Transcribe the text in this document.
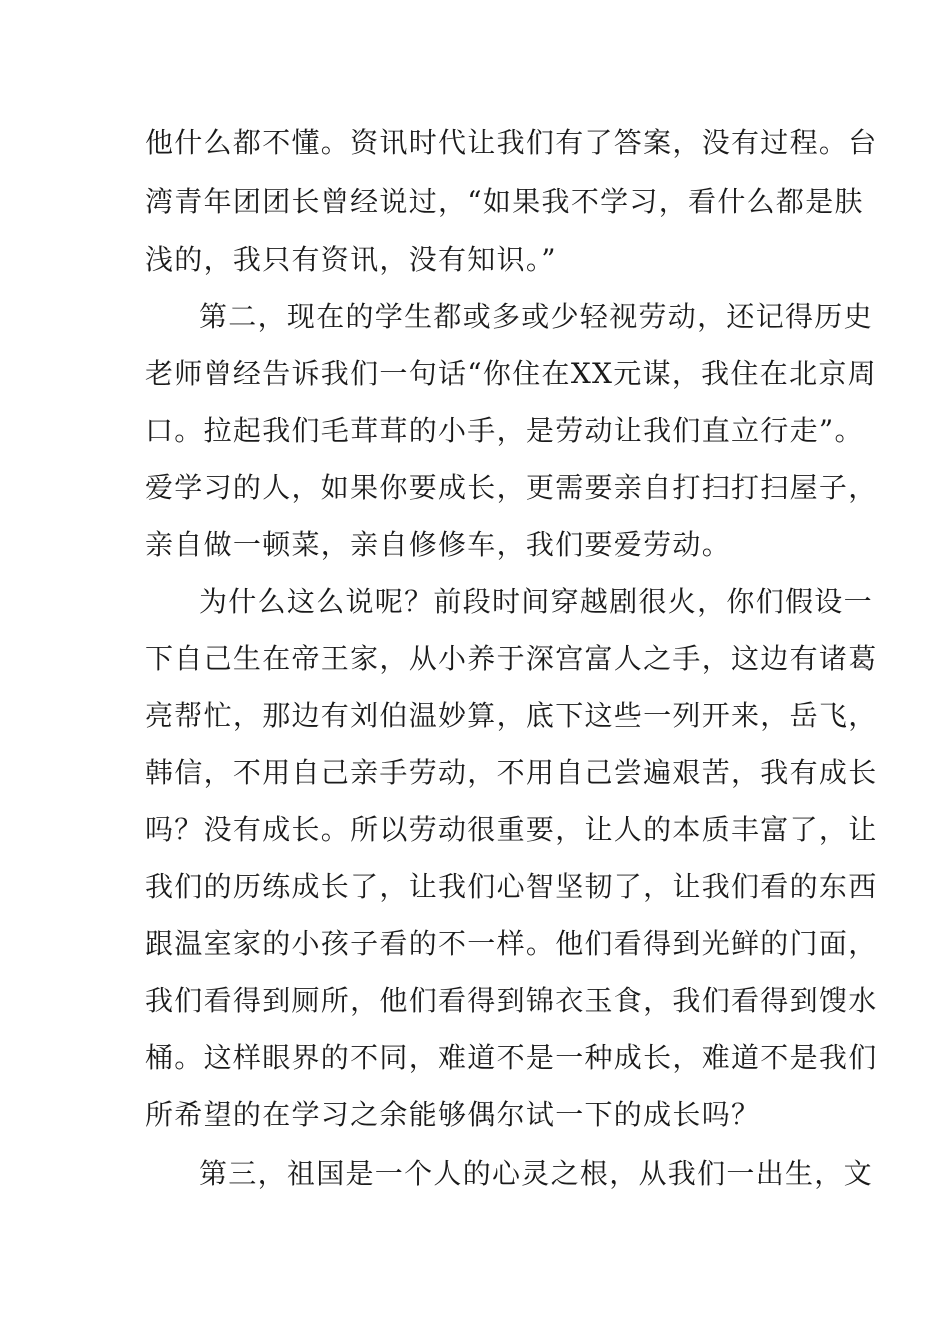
他什么都不懂。资讯时代让我们有了答案，没有过程。台
湾青年团团长曾经说过，“如果我不学习，看什么都是肤
浅的，我只有资讯，没有知识。”
第二，现在的学生都或多或少轻视劳动，还记得历史
老师曾经告诉我们一句话“你住在XX元谋，我住在北京周
口。拉起我们毛茸茸的小手，是劳动让我们直立行走”。
爱学习的人，如果你要成长，更需要亲自打扫打扫屋子，
亲自做一顿菜，亲自修修车，我们要爱劳动。
为什么这么说呢？前段时间穿越剧很火，你们假设一
下自己生在帝王家，从小养于深宫富人之手，这边有诸葛
亮帮忙，那边有刘伯温妙算，底下这些一列开来，岳飞，
韩信，不用自己亲手劳动，不用自己尝遍艰苦，我有成长
吗？没有成长。所以劳动很重要，让人的本质丰富了，让
我们的历练成长了，让我们心智坚韧了，让我们看的东西
跟温室家的小孩子看的不一样。他们看得到光鲜的门面，
我们看得到厕所，他们看得到锦衣玉食，我们看得到馊水
桶。这样眼界的不同，难道不是一种成长，难道不是我们
所希望的在学习之余能够偶尔试一下的成长吗？
第三，祖国是一个人的心灵之根，从我们一出生，文
